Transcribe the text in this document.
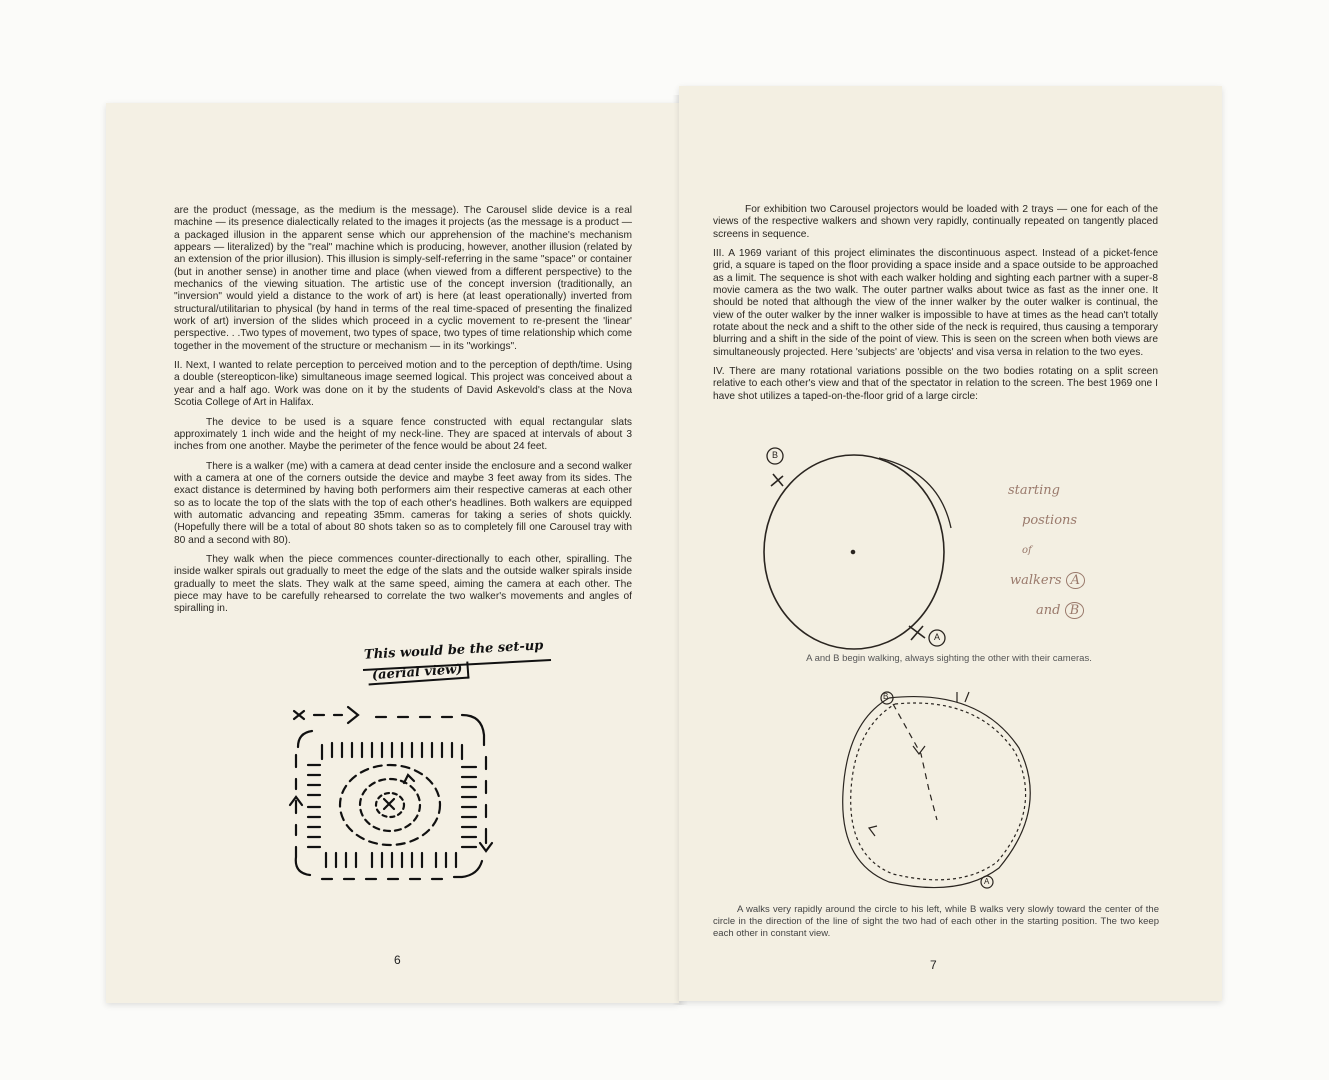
are the product (message, as the medium is the message). The Carousel slide device is a real machine — its presence dialectically related to the images it projects (as the message is a product — a packaged illusion in the apparent sense which our apprehension of the machine's mechanism appears — literalized) by the "real" machine which is producing, however, another illusion (related by an extension of the prior illusion). This illusion is simply-self-referring in the same "space" or container (but in another sense) in another time and place (when viewed from a different perspective) to the mechanics of the viewing situation. The artistic use of the concept inversion (traditionally, an "inversion" would yield a distance to the work of art) is here (at least operationally) inverted from structural/utilitarian to physical (by hand in terms of the real time-spaced of presenting the finalized work of art) inversion of the slides which proceed in a cyclic movement to re-present the 'linear' perspective. . .Two types of movement, two types of space, two types of time relationship which come together in the movement of the structure or mechanism — in its "workings".

II. Next, I wanted to relate perception to perceived motion and to the perception of depth/time. Using a double (stereopticon-like) simultaneous image seemed logical. This project was conceived about a year and a half ago. Work was done on it by the students of David Askevold's class at the Nova Scotia College of Art in Halifax.

The device to be used is a square fence constructed with equal rectangular slats approximately 1 inch wide and the height of my neck-line. They are spaced at intervals of about 3 inches from one another. Maybe the perimeter of the fence would be about 24 feet.

There is a walker (me) with a camera at dead center inside the enclosure and a second walker with a camera at one of the corners outside the device and maybe 3 feet away from its sides. The exact distance is determined by having both performers aim their respective cameras at each other so as to locate the top of the slats with the top of each other's headlines. Both walkers are equipped with automatic advancing and repeating 35mm. cameras for taking a series of shots quickly. (Hopefully there will be a total of about 80 shots taken so as to completely fill one Carousel tray with 80 and a second with 80).

They walk when the piece commences counter-directionally to each other, spiralling. The inside walker spirals out gradually to meet the edge of the slats and the outside walker spirals inside gradually to meet the slats. They walk at the same speed, aiming the camera at each other. The piece may have to be carefully rehearsed to correlate the two walker's movements and angles of spiralling in.

This would be the set-up
(aerial view)
6

For exhibition two Carousel projectors would be loaded with 2 trays — one for each of the views of the respective walkers and shown very rapidly, continually repeated on tangently placed screens in sequence.

III. A 1969 variant of this project eliminates the discontinuous aspect. Instead of a picket-fence grid, a square is taped on the floor providing a space inside and a space outside to be approached as a limit. The sequence is shot with each walker holding and sighting each partner with a super-8 movie camera as the two walk. The outer partner walks about twice as fast as the inner one. It should be noted that although the view of the inner walker by the outer walker is continual, the view of the outer walker by the inner walker is impossible to have at times as the head can't totally rotate about the neck and a shift to the other side of the neck is required, thus causing a temporary blurring and a shift in the side of the point of view. This is seen on the screen when both views are simultaneously projected. Here 'subjects' are 'objects' and visa versa in relation to the two eyes.

IV. There are many rotational variations possible on the two bodies rotating on a split screen relative to each other's view and that of the spectator in relation to the screen. The best 1969 one I have shot utilizes a taped-on-the-floor grid of a large circle:

B
A
starting
postions
of
walkers A
and B
A and B begin walking, always sighting the other with their cameras.
B
A
A walks very rapidly around the circle to his left, while B walks very slowly toward the center of the circle in the direction of the line of sight the two had of each other in the starting position. The two keep each other in constant view.
7
